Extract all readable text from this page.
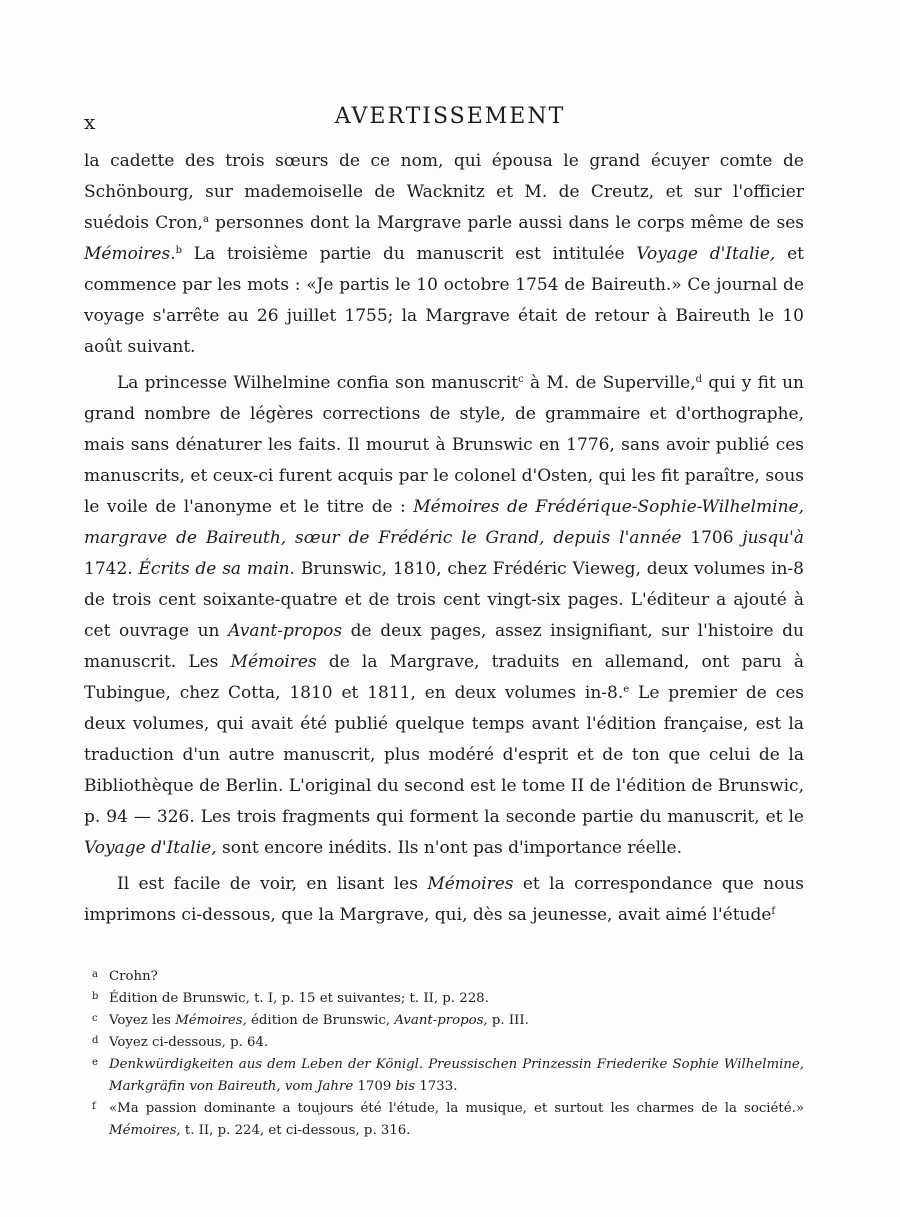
x	AVERTISSEMENT

la cadette des trois sœurs de ce nom, qui épousa le grand écuyer comte de Schönbourg, sur mademoiselle de Wacknitz et M. de Creutz, et sur l'officier suédois Cron,$^a$ personnes dont la Margrave parle aussi dans le corps même de ses Mémoires.$^b$ La troisième partie du manuscrit est intitulée Voyage d'Italie, et commence par les mots : «Je partis le 10 octobre 1754 de Baireuth.» Ce journal de voyage s'arrête au 26 juillet 1755; la Margrave était de retour à Baireuth le 10 août suivant.

La princesse Wilhelmine confia son manuscrit$^c$ à M. de Superville,$^d$ qui y fit un grand nombre de légères corrections de style, de grammaire et d'orthographe, mais sans dénaturer les faits. Il mourut à Brunswic en 1776, sans avoir publié ces manuscrits, et ceux-ci furent acquis par le colonel d'Osten, qui les fit paraître, sous le voile de l'anonyme et le titre de : Mémoires de Frédérique-Sophie-Wilhelmine, margrave de Baireuth, sœur de Frédéric le Grand, depuis l'année 1706 jusqu'à 1742. Écrits de sa main. Brunswic, 1810, chez Frédéric Vieweg, deux volumes in-8 de trois cent soixante-quatre et de trois cent vingt-six pages. L'éditeur a ajouté à cet ouvrage un Avant-propos de deux pages, assez insignifiant, sur l'histoire du manuscrit. Les Mémoires de la Margrave, traduits en allemand, ont paru à Tubingue, chez Cotta, 1810 et 1811, en deux volumes in-8.$^e$ Le premier de ces deux volumes, qui avait été publié quelque temps avant l'édition française, est la traduction d'un autre manuscrit, plus modéré d'esprit et de ton que celui de la Bibliothèque de Berlin. L'original du second est le tome II de l'édition de Brunswic, p. 94 — 326. Les trois fragments qui forment la seconde partie du manuscrit, et le Voyage d'Italie, sont encore inédits. Ils n'ont pas d'importance réelle.

Il est facile de voir, en lisant les Mémoires et la correspondance que nous imprimons ci-dessous, que la Margrave, qui, dès sa jeunesse, avait aimé l'étude$^f$

a Crohn?
b Édition de Brunswic, t. I, p. 15 et suivantes; t. II, p. 228.
c Voyez les Mémoires, édition de Brunswic, Avant-propos, p. III.
d Voyez ci-dessous, p. 64.
e Denkwürdigkeiten aus dem Leben der Königl. Preussischen Prinzessin Friederike Sophie Wilhelmine, Markgräfin von Baireuth, vom Jahre 1709 bis 1733.
f «Ma passion dominante a toujours été l'étude, la musique, et surtout les charmes de la société.» Mémoires, t. II, p. 224, et ci-dessous, p. 316.
